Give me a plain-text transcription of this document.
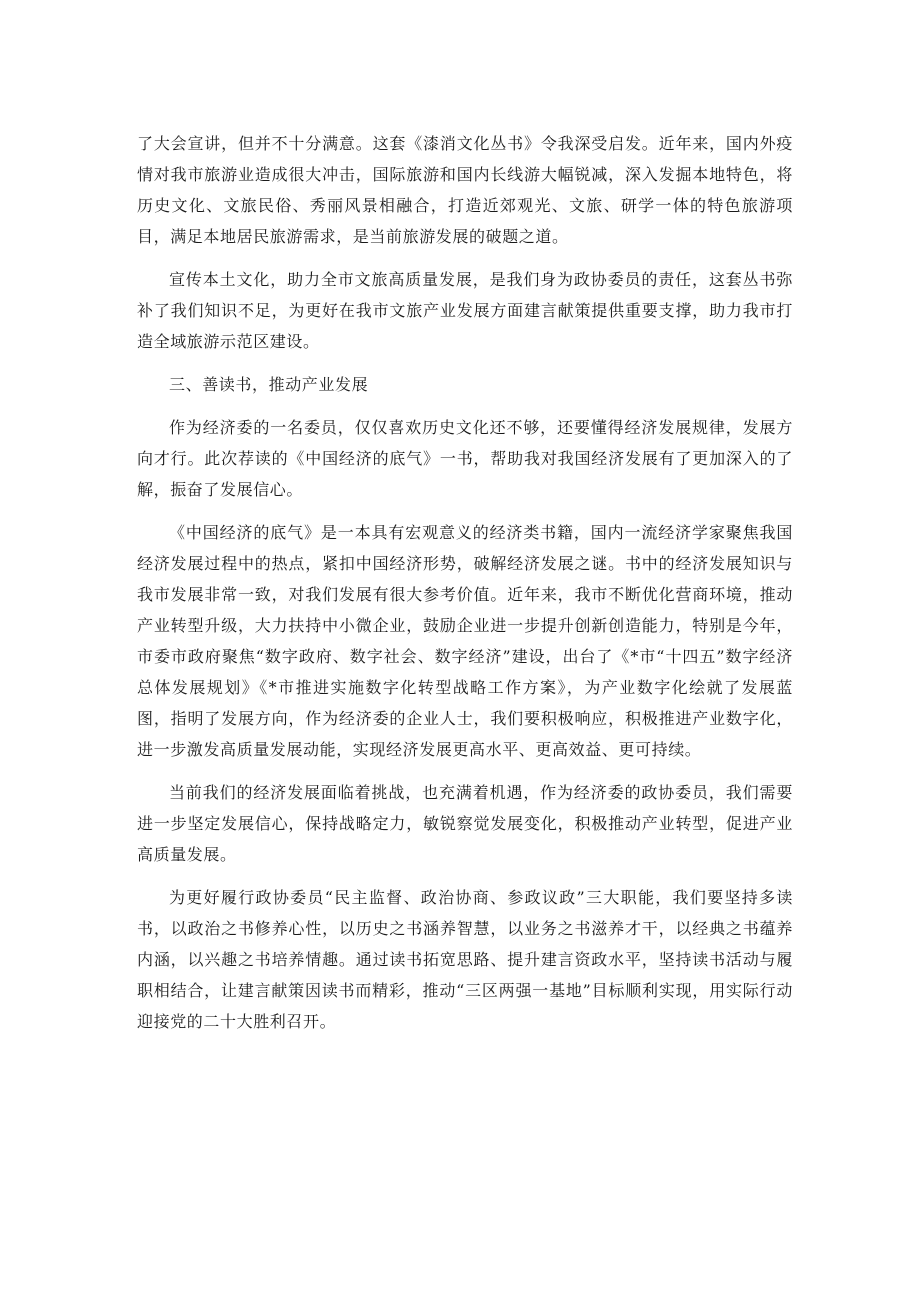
了大会宣讲，但并不十分满意。这套《漆消文化丛书》令我深受启发。近年来，国内外疫情对我市旅游业造成很大冲击，国际旅游和国内长线游大幅锐减，深入发掘本地特色，将历史文化、文旅民俗、秀丽风景相融合，打造近郊观光、文旅、研学一体的特色旅游项目，满足本地居民旅游需求，是当前旅游发展的破题之道。

宣传本土文化，助力全市文旅高质量发展，是我们身为政协委员的责任，这套丛书弥补了我们知识不足，为更好在我市文旅产业发展方面建言献策提供重要支撑，助力我市打造全域旅游示范区建设。

三、善读书，推动产业发展

作为经济委的一名委员，仅仅喜欢历史文化还不够，还要懂得经济发展规律，发展方向才行。此次荐读的《中国经济的底气》一书，帮助我对我国经济发展有了更加深入的了解，振奋了发展信心。

《中国经济的底气》是一本具有宏观意义的经济类书籍，国内一流经济学家聚焦我国经济发展过程中的热点，紧扣中国经济形势，破解经济发展之谜。书中的经济发展知识与我市发展非常一致，对我们发展有很大参考价值。近年来，我市不断优化营商环境，推动产业转型升级，大力扶持中小微企业，鼓励企业进一步提升创新创造能力，特别是今年，市委市政府聚焦“数字政府、数字社会、数字经济”建设，出台了《*市“十四五”数字经济总体发展规划》《*市推进实施数字化转型战略工作方案》，为产业数字化绘就了发展蓝图，指明了发展方向，作为经济委的企业人士，我们要积极响应，积极推进产业数字化，进一步激发高质量发展动能，实现经济发展更高水平、更高效益、更可持续。

当前我们的经济发展面临着挑战，也充满着机遇，作为经济委的政协委员，我们需要进一步坚定发展信心，保持战略定力，敏锐察觉发展变化，积极推动产业转型，促进产业高质量发展。

为更好履行政协委员“民主监督、政治协商、参政议政”三大职能，我们要坚持多读书，以政治之书修养心性，以历史之书涵养智慧，以业务之书滋养才干，以经典之书蕴养内涵，以兴趣之书培养情趣。通过读书拓宽思路、提升建言资政水平，坚持读书活动与履职相结合，让建言献策因读书而精彩，推动“三区两强一基地”目标顺利实现，用实际行动迎接党的二十大胜利召开。
